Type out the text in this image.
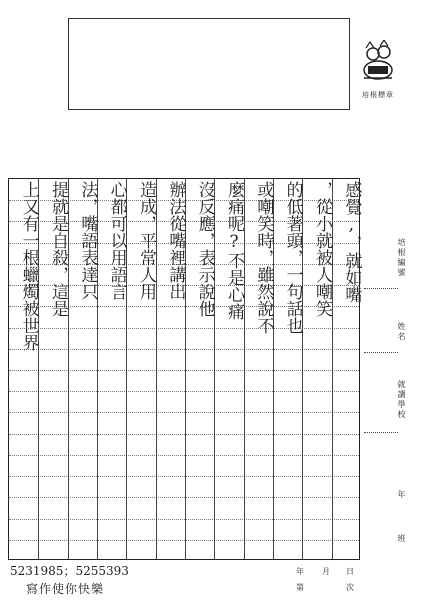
培根標章
感覺,，就如嘴
，從小就被人嘲笑
的低著頭，一句話也
或嘲笑時，雖然說不
麼痛呢?不是心痛
沒反應，表示說他
辦法從嘴裡講出
造成，平常人用
心都可以用語言
法，嘴語表達只
提就是自殺，這是
上又有一根蠟燭被世界	培根編號
姓名
就讀學校
年
班
年 月 日
第	次
5231985；5255393
寫作使你快樂
